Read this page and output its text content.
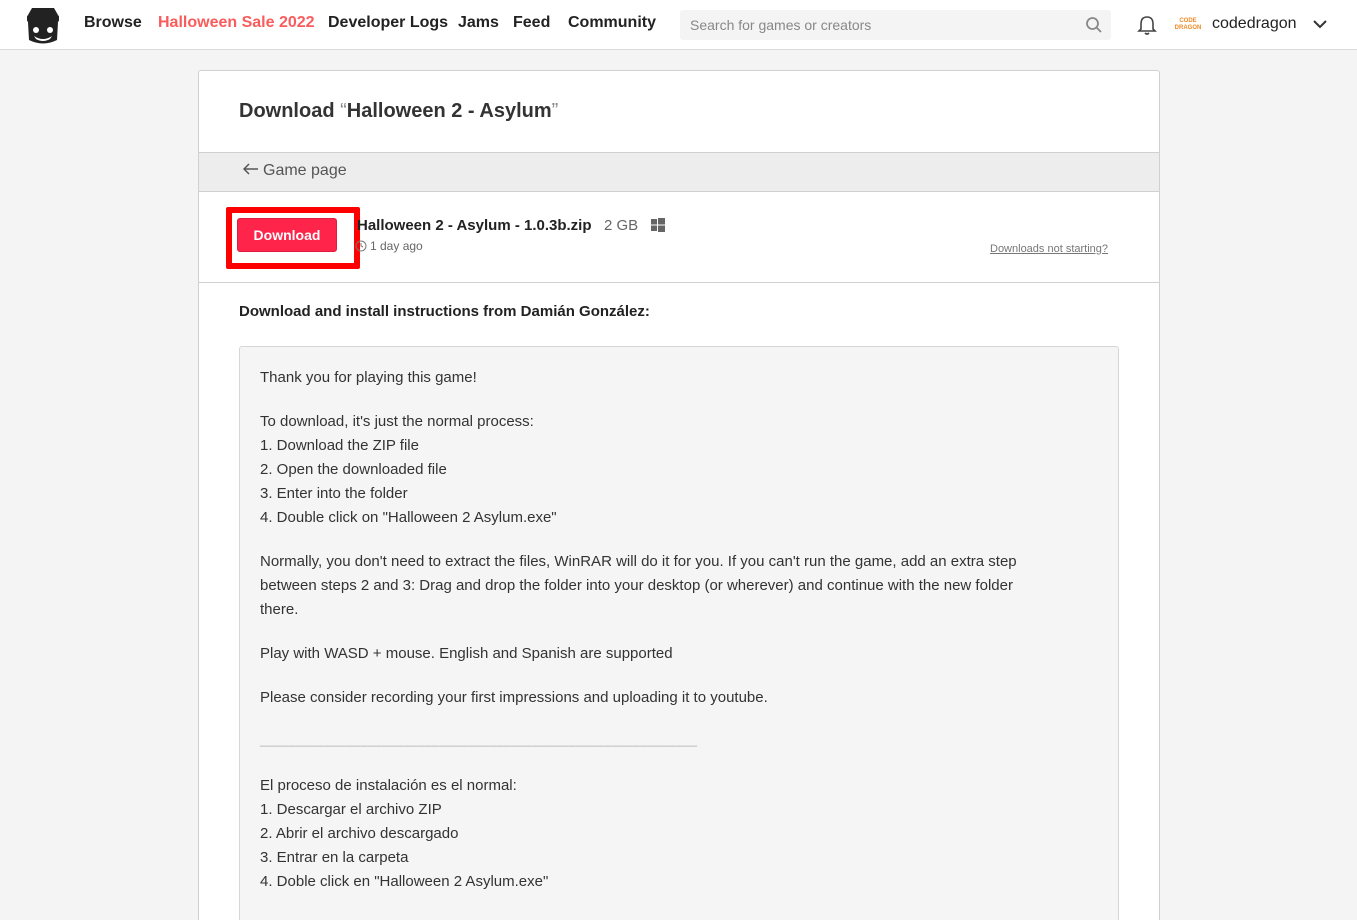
Browse Halloween Sale 2022 Developer Logs Jams Feed Community
Search for games or creators	CODE DRAGON codedragon
Download “Halloween 2 - Asylum”
Game page
Download
Halloween 2 - Asylum - 1.0.3b.zip 2 GB
1 day ago	Downloads not starting?
Download and install instructions from Damián González:
Thank you for playing this game!
To download, it's just the normal process:
1. Download the ZIP file
2. Open the downloaded file
3. Enter into the folder
4. Double click on "Halloween 2 Asylum.exe"
Normally, you don't need to extract the files, WinRAR will do it for you. If you can't run the game, add an extra step
between steps 2 and 3: Drag and drop the folder into your desktop (or wherever) and continue with the new folder
there.
Play with WASD + mouse. English and Spanish are supported
Please consider recording your first impressions and uploading it to youtube.
_____________________________________________________________
El proceso de instalación es el normal:
1. Descargar el archivo ZIP
2. Abrir el archivo descargado
3. Entrar en la carpeta
4. Doble click en "Halloween 2 Asylum.exe"
